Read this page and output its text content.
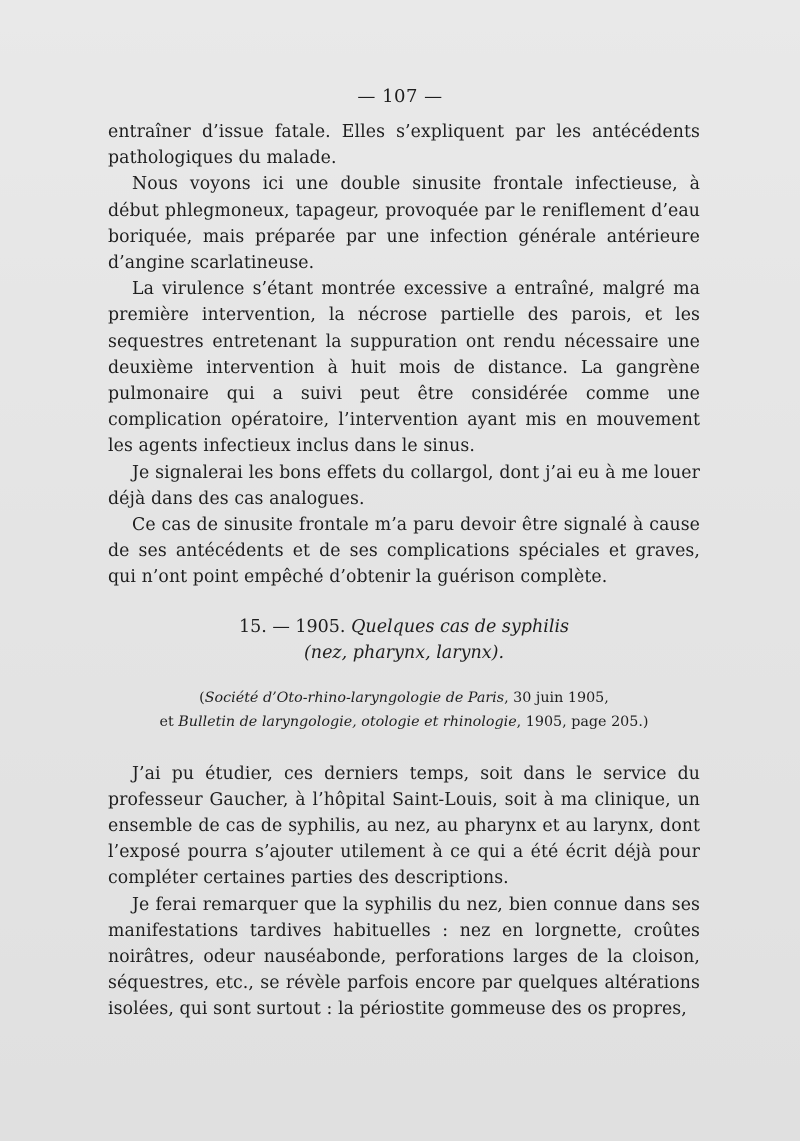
— 107 —

entraîner d’issue fatale. Elles s’expliquent par les antécédents pathologiques du malade.

Nous voyons ici une double sinusite frontale infectieuse, à début phlegmoneux, tapageur, provoquée par le reniflement d’eau boriquée, mais préparée par une infection générale antérieure d’angine scarlatineuse.

La virulence s’étant montrée excessive a entraîné, malgré ma première intervention, la nécrose partielle des parois, et les sequestres entretenant la suppuration ont rendu nécessaire une deuxième intervention à huit mois de distance. La gangrène pulmonaire qui a suivi peut être considérée comme une complication opératoire, l’intervention ayant mis en mouvement les agents infectieux inclus dans le sinus.

Je signalerai les bons effets du collargol, dont j’ai eu à me louer déjà dans des cas analogues.

Ce cas de sinusite frontale m’a paru devoir être signalé à cause de ses antécédents et de ses complications spéciales et graves, qui n’ont point empêché d’obtenir la guérison complète.

15. — 1905. Quelques cas de syphilis
(nez, pharynx, larynx).
(Société d’Oto-rhino-laryngologie de Paris, 30 juin 1905,
et Bulletin de laryngologie, otologie et rhinologie, 1905, page 205.)

J’ai pu étudier, ces derniers temps, soit dans le service du professeur Gaucher, à l’hôpital Saint-Louis, soit à ma clinique, un ensemble de cas de syphilis, au nez, au pharynx et au larynx, dont l’exposé pourra s’ajouter utilement à ce qui a été écrit déjà pour compléter certaines parties des descriptions.

Je ferai remarquer que la syphilis du nez, bien connue dans ses manifestations tardives habituelles : nez en lorgnette, croûtes noirâtres, odeur nauséabonde, perforations larges de la cloison, séquestres, etc., se révèle parfois encore par quelques altérations isolées, qui sont surtout : la périostite gommeuse des os propres,
